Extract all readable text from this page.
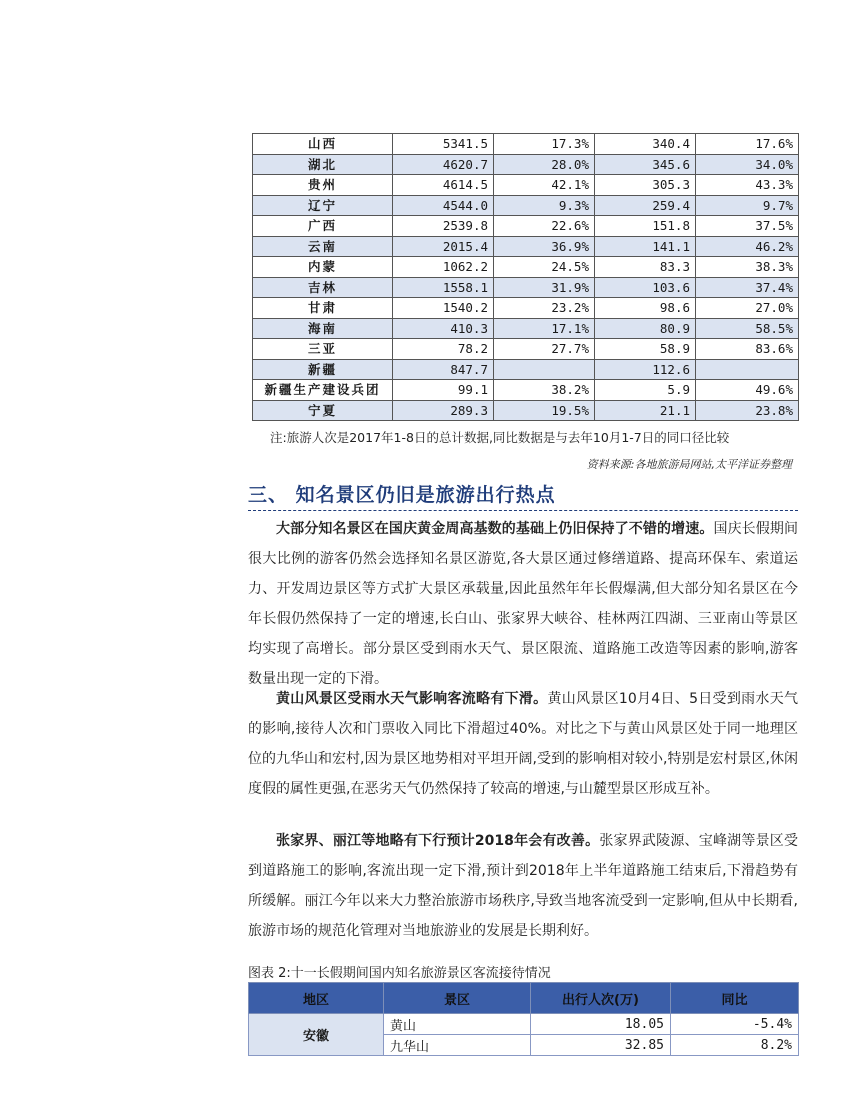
山西	5341.5	17.3%	340.4	17.6%
湖北	4620.7	28.0%	345.6	34.0%
贵州	4614.5	42.1%	305.3	43.3%
辽宁	4544.0	9.3%	259.4	9.7%
广西	2539.8	22.6%	151.8	37.5%
云南	2015.4	36.9%	141.1	46.2%
内蒙	1062.2	24.5%	83.3	38.3%
吉林	1558.1	31.9%	103.6	37.4%
甘肃	1540.2	23.2%	98.6	27.0%
海南	410.3	17.1%	80.9	58.5%
三亚	78.2	27.7%	58.9	83.6%
新疆	847.7		112.6	
新疆生产建设兵团	99.1	38.2%	5.9	49.6%
宁夏	289.3	19.5%	21.1	23.8%
注:旅游人次是2017年1-8日的总计数据,同比数据是与去年10月1-7日的同口径比较
资料来源:各地旅游局网站,太平洋证券整理
三、 知名景区仍旧是旅游出行热点

大部分知名景区在国庆黄金周高基数的基础上仍旧保持了不错的增速。国庆长假期间很大比例的游客仍然会选择知名景区游览,各大景区通过修缮道路、提高环保车、索道运力、开发周边景区等方式扩大景区承载量,因此虽然年年长假爆满,但大部分知名景区在今年长假仍然保持了一定的增速,长白山、张家界大峡谷、桂林两江四湖、三亚南山等景区均实现了高增长。部分景区受到雨水天气、景区限流、道路施工改造等因素的影响,游客数量出现一定的下滑。

黄山风景区受雨水天气影响客流略有下滑。黄山风景区10月4日、5日受到雨水天气的影响,接待人次和门票收入同比下滑超过40%。对比之下与黄山风景区处于同一地理区位的九华山和宏村,因为景区地势相对平坦开阔,受到的影响相对较小,特别是宏村景区,休闲度假的属性更强,在恶劣天气仍然保持了较高的增速,与山麓型景区形成互补。

张家界、丽江等地略有下行预计2018年会有改善。张家界武陵源、宝峰湖等景区受到道路施工的影响,客流出现一定下滑,预计到2018年上半年道路施工结束后,下滑趋势有所缓解。丽江今年以来大力整治旅游市场秩序,导致当地客流受到一定影响,但从中长期看,旅游市场的规范化管理对当地旅游业的发展是长期利好。

图表 2:十一长假期间国内知名旅游景区客流接待情况
地区	景区	出行人次(万)	同比
安徽	黄山	18.05	-5.4%
	九华山	32.85	8.2%
